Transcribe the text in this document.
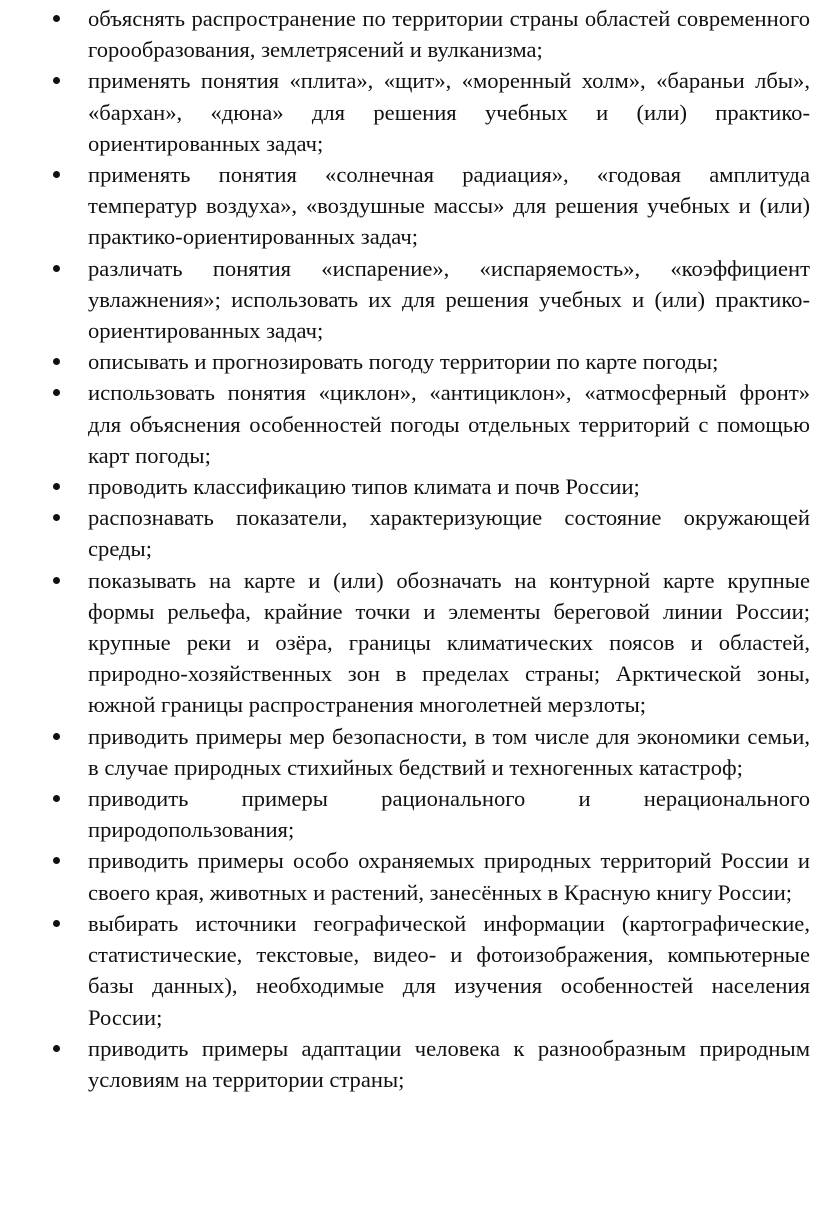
объяснять распространение по территории страны областей современного горообразования, землетрясений и вулканизма;
применять понятия «плита», «щит», «моренный холм», «бараньи лбы», «бархан», «дюна» для решения учебных и (или) практико-ориентированных задач;
применять понятия «солнечная радиация», «годовая амплитуда температур воздуха», «воздушные массы» для решения учебных и (или) практико-ориентированных задач;
различать понятия «испарение», «испаряемость», «коэффициент увлажнения»; использовать их для решения учебных и (или) практико-ориентированных задач;
описывать и прогнозировать погоду территории по карте погоды;
использовать понятия «циклон», «антициклон», «атмосферный фронт» для объяснения особенностей погоды отдельных территорий с помощью карт погоды;
проводить классификацию типов климата и почв России;
распознавать показатели, характеризующие состояние окружающей среды;
показывать на карте и (или) обозначать на контурной карте крупные формы рельефа, крайние точки и элементы береговой линии России; крупные реки и озёра, границы климатических поясов и областей, природно-хозяйственных зон в пределах страны; Арктической зоны, южной границы распространения многолетней мерзлоты;
приводить примеры мер безопасности, в том числе для экономики семьи, в случае природных стихийных бедствий и техногенных катастроф;
приводить примеры рационального и нерационального природопользования;
приводить примеры особо охраняемых природных территорий России и своего края, животных и растений, занесённых в Красную книгу России;
выбирать источники географической информации (картографические, статистические, текстовые, видео- и фотоизображения, компьютерные базы данных), необходимые для изучения особенностей населения России;
приводить примеры адаптации человека к разнообразным природным условиям на территории страны;
